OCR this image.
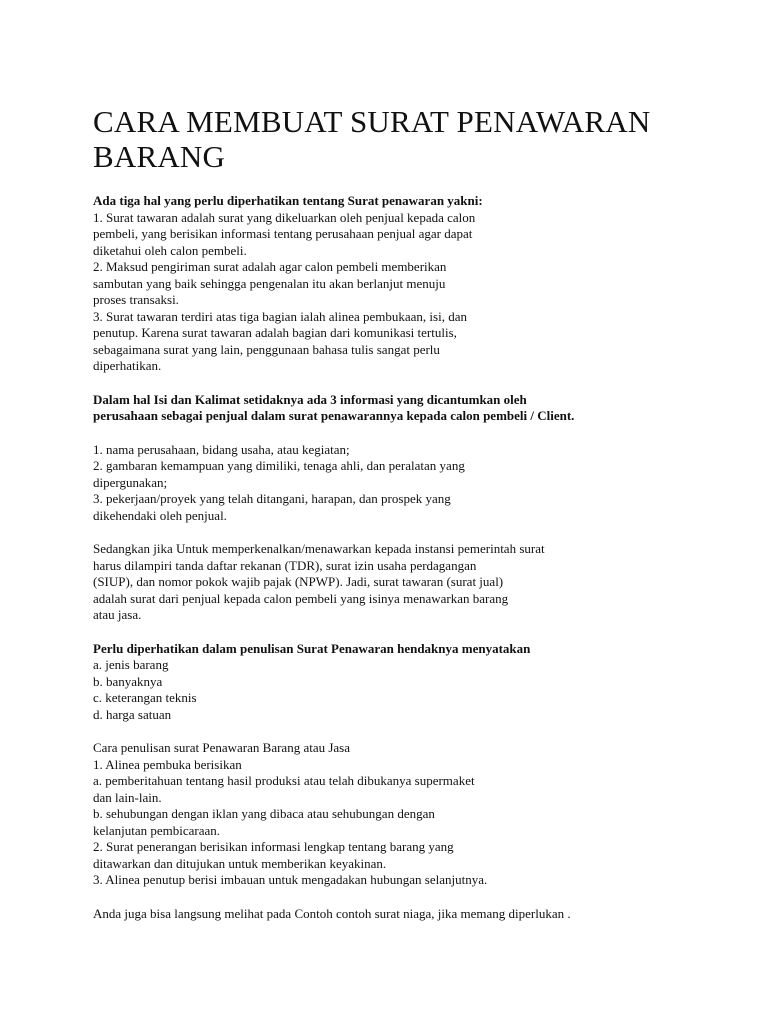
CARA MEMBUAT SURAT PENAWARAN
BARANG
Ada tiga hal yang perlu diperhatikan tentang Surat penawaran yakni:
1. Surat tawaran adalah surat yang dikeluarkan oleh penjual kepada calon
pembeli, yang berisikan informasi tentang perusahaan penjual agar dapat
diketahui oleh calon pembeli.
2. Maksud pengiriman surat adalah agar calon pembeli memberikan
sambutan yang baik sehingga pengenalan itu akan berlanjut menuju
proses transaksi.
3. Surat tawaran terdiri atas tiga bagian ialah alinea pembukaan, isi, dan
penutup. Karena surat tawaran adalah bagian dari komunikasi tertulis,
sebagaimana surat yang lain, penggunaan bahasa tulis sangat perlu
diperhatikan.
Dalam hal Isi dan Kalimat setidaknya ada 3 informasi yang dicantumkan oleh
perusahaan sebagai penjual dalam surat penawarannya kepada calon pembeli / Client.
1. nama perusahaan, bidang usaha, atau kegiatan;
2. gambaran kemampuan yang dimiliki, tenaga ahli, dan peralatan yang
dipergunakan;
3. pekerjaan/proyek yang telah ditangani, harapan, dan prospek yang
dikehendaki oleh penjual.
Sedangkan jika Untuk memperkenalkan/menawarkan kepada instansi pemerintah surat
harus dilampiri tanda daftar rekanan (TDR), surat izin usaha perdagangan
(SIUP), dan nomor pokok wajib pajak (NPWP). Jadi, surat tawaran (surat jual)
adalah surat dari penjual kepada calon pembeli yang isinya menawarkan barang
atau jasa.
Perlu diperhatikan dalam penulisan Surat Penawaran hendaknya menyatakan
a. jenis barang
b. banyaknya
c. keterangan teknis
d. harga satuan
Cara penulisan surat Penawaran Barang atau Jasa
1. Alinea pembuka berisikan
a. pemberitahuan tentang hasil produksi atau telah dibukanya supermaket
dan lain-lain.
b. sehubungan dengan iklan yang dibaca atau sehubungan dengan
kelanjutan pembicaraan.
2. Surat penerangan berisikan informasi lengkap tentang barang yang
ditawarkan dan ditujukan untuk memberikan keyakinan.
3. Alinea penutup berisi imbauan untuk mengadakan hubungan selanjutnya.
Anda juga bisa langsung melihat pada Contoh contoh surat niaga, jika memang diperlukan .
